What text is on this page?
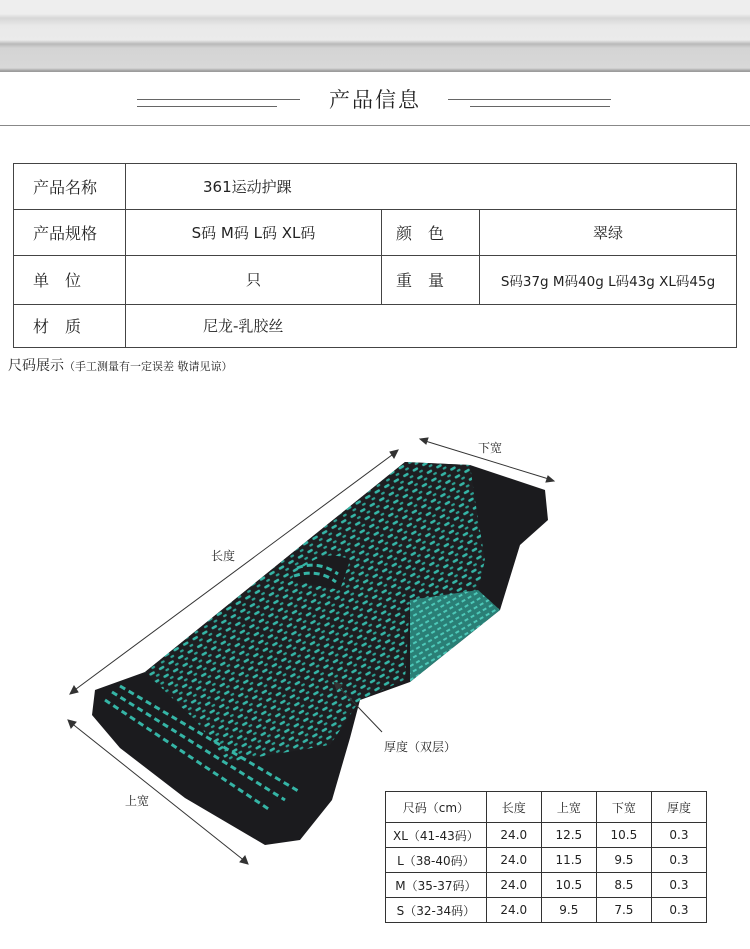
产品信息
产品名称	361运动护踝
产品规格	S码 M码 L码 XL码	颜　色	翠绿
单　位	只	重　量	S码37g M码40g L码43g XL码45g
材　质	尼龙-乳胶丝
尺码展示（手工测量有一定误差 敬请见谅）
下宽
长度
上宽
厚度（双层）
尺码（cm）	长度	上宽	下宽	厚度
XL（41-43码）	24.0	12.5	10.5	0.3
L（38-40码）	24.0	11.5	9.5	0.3
M（35-37码）	24.0	10.5	8.5	0.3
S（32-34码）	24.0	9.5	7.5	0.3
